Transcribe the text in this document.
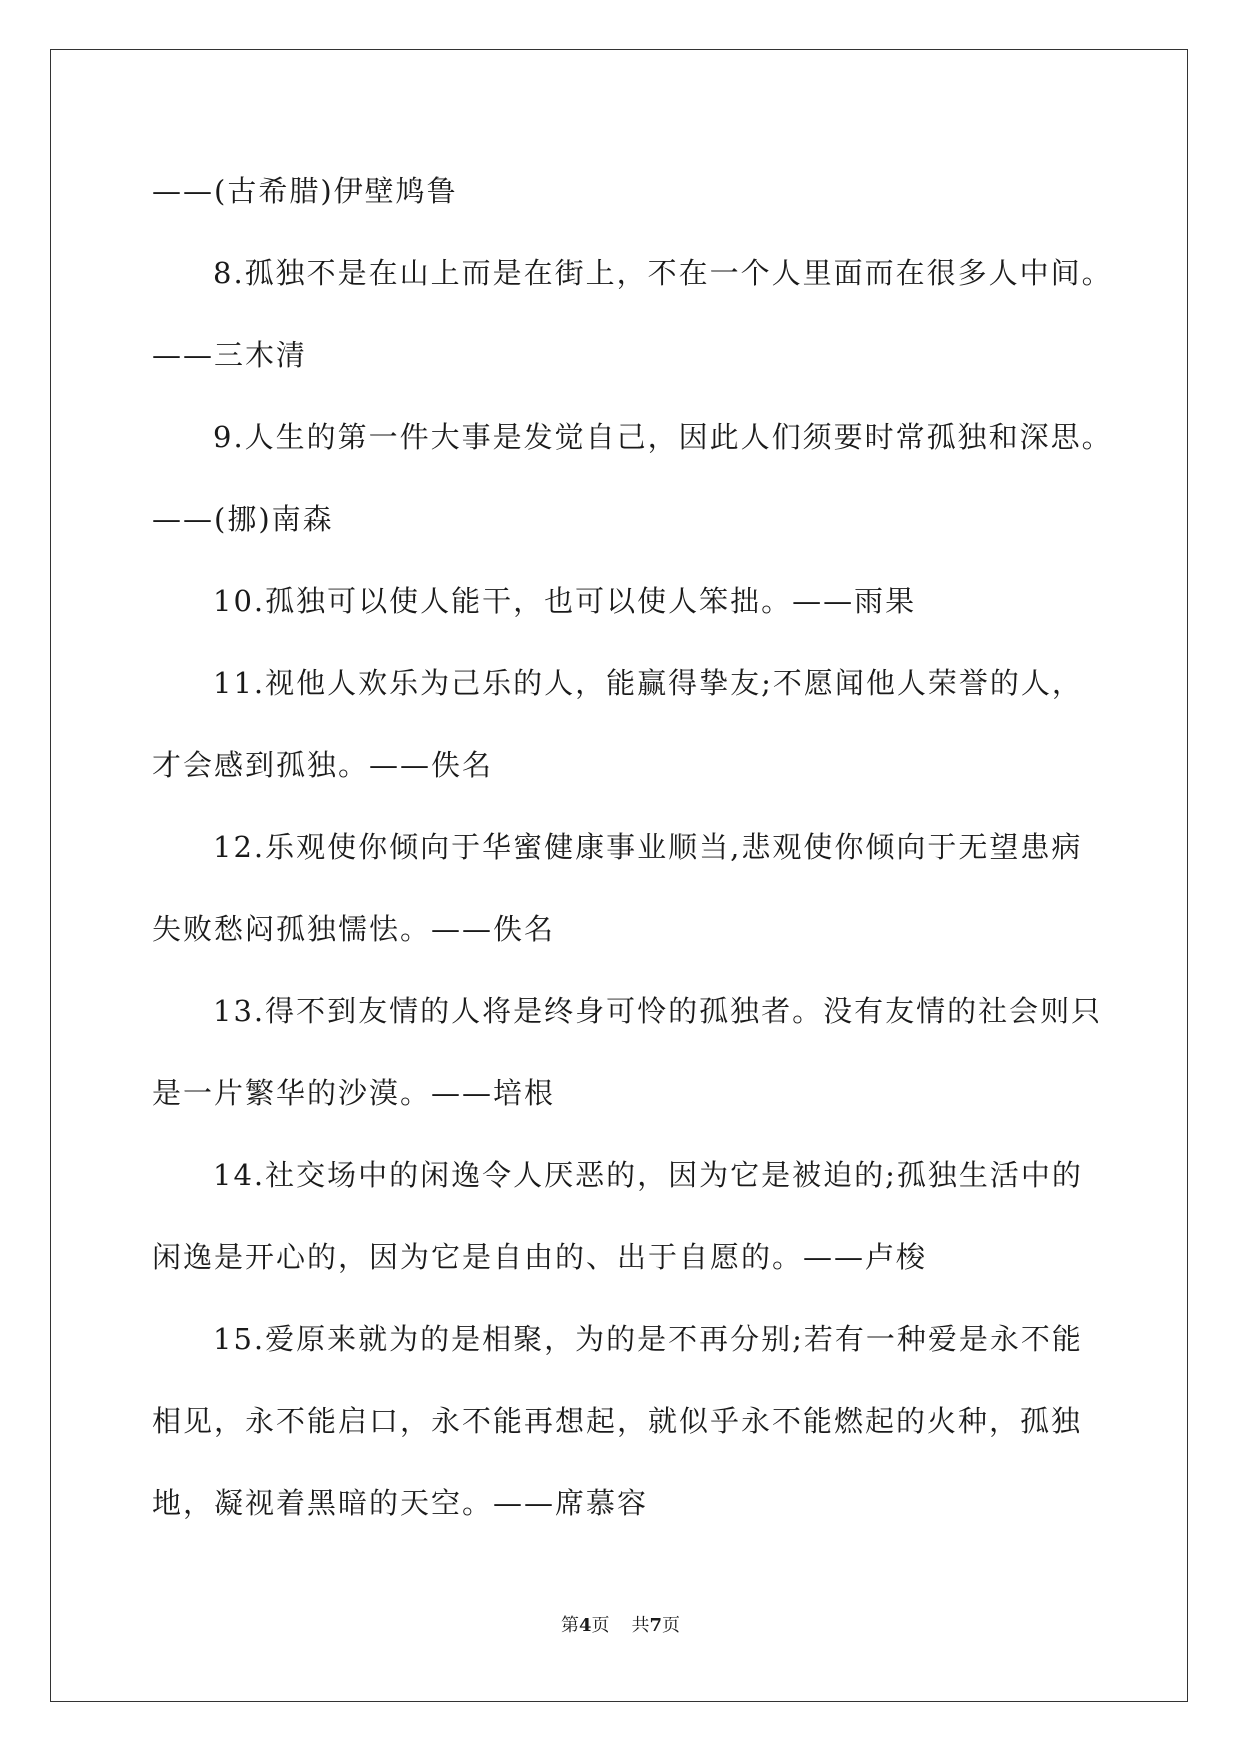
——(古希腊)伊壁鸠鲁
8.孤独不是在山上而是在街上，不在一个人里面而在很多人中间。
——三木清
9.人生的第一件大事是发觉自己，因此人们须要时常孤独和深思。
——(挪)南森
10.孤独可以使人能干，也可以使人笨拙。——雨果
11.视他人欢乐为己乐的人，能赢得挚友;不愿闻他人荣誉的人，
才会感到孤独。——佚名
12.乐观使你倾向于华蜜健康事业顺当,悲观使你倾向于无望患病
失败愁闷孤独懦怯。——佚名
13.得不到友情的人将是终身可怜的孤独者。没有友情的社会则只
是一片繁华的沙漠。——培根
14.社交场中的闲逸令人厌恶的，因为它是被迫的;孤独生活中的
闲逸是开心的，因为它是自由的、出于自愿的。——卢梭
15.爱原来就为的是相聚，为的是不再分别;若有一种爱是永不能
相见，永不能启口，永不能再想起，就似乎永不能燃起的火种，孤独
地，凝视着黑暗的天空。——席慕容
第4页 共7页
